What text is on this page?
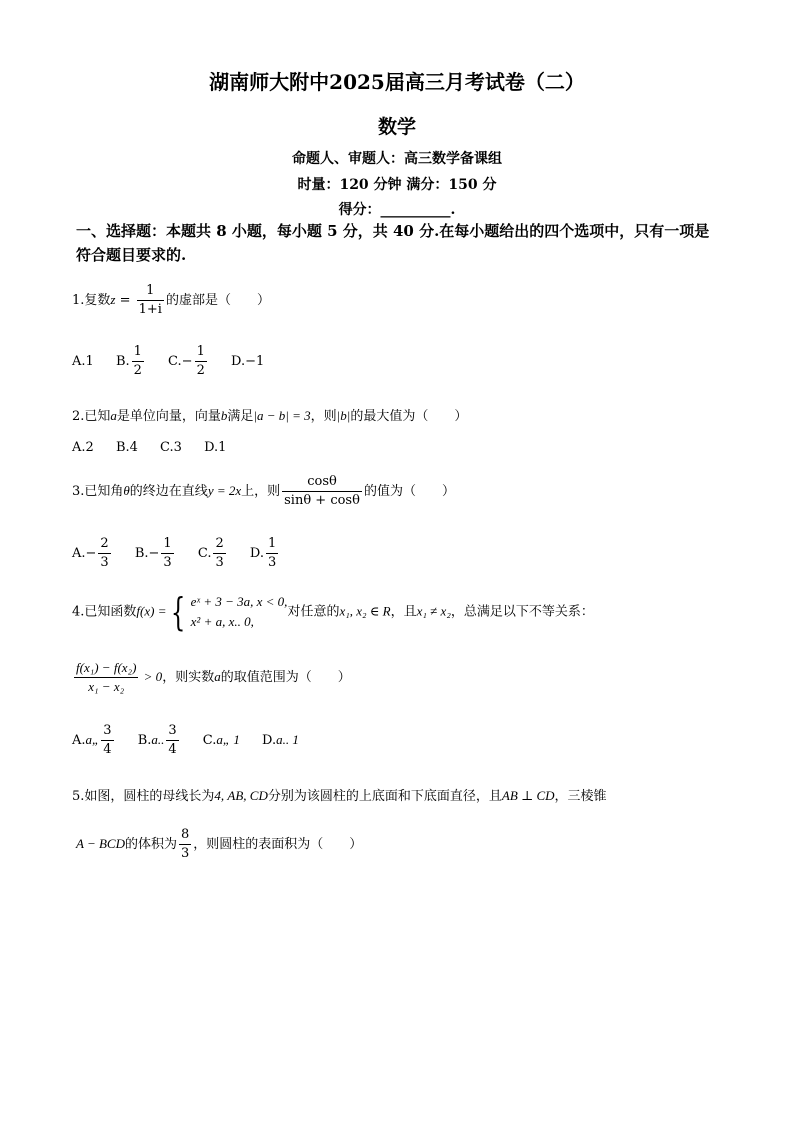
湖南师大附中2025届高三月考试卷（二）
数学
命题人、审题人：高三数学备课组
时量：120 分钟 满分：150 分
得分：__________.
一、选择题：本题共 8 小题，每小题 5 分，共 40 分.在每小题给出的四个选项中，只有一项是符合题目要求的.
1.复数$z = \frac{1}{1+i}$ 的虚部是（　　）
A.1 B. $\frac{1}{2} C.- \frac{1}{2} D.-1$
2.已知a是单位向量，向量b满足|a − b| = 3，则|b|的最大值为（　　）
A.2 B.4 C.3 D.1
3.已知角θ的终边在直线y = 2x上，则 $\frac{\cos\theta}{\sin\theta + \cos\theta}$ 的值为（　　）
$A.- \frac{2}{3} B.- \frac{1}{3} C$. $\frac{2}{3} D$. $\frac{1}{3}$
4.已知函数f(x) = { eˣ + 3 − 3a, x < 0,
x² + a, x.. 0,
对任意的x₁, x₂ ∈ R，且x₁ ≠ x₂，总满足以下不等关系：
$\frac{\text{f(x₁) − f(x₂)}}{\text{x₁ − x₂}} > 0$，则实数a的取值范围为（　　）
A.a„ $\frac{3}{4} B.a$.. $\frac{3}{4}$ C.a„ 1 D.a.. 1
5.如图，圆柱的母线长为4, AB, CD分别为该圆柱的上底面和下底面直径，且AB ⊥ CD，三棱锥
A − BCD的体积为 $\frac{8}{3}$ ，则圆柱的表面积为（　　）
